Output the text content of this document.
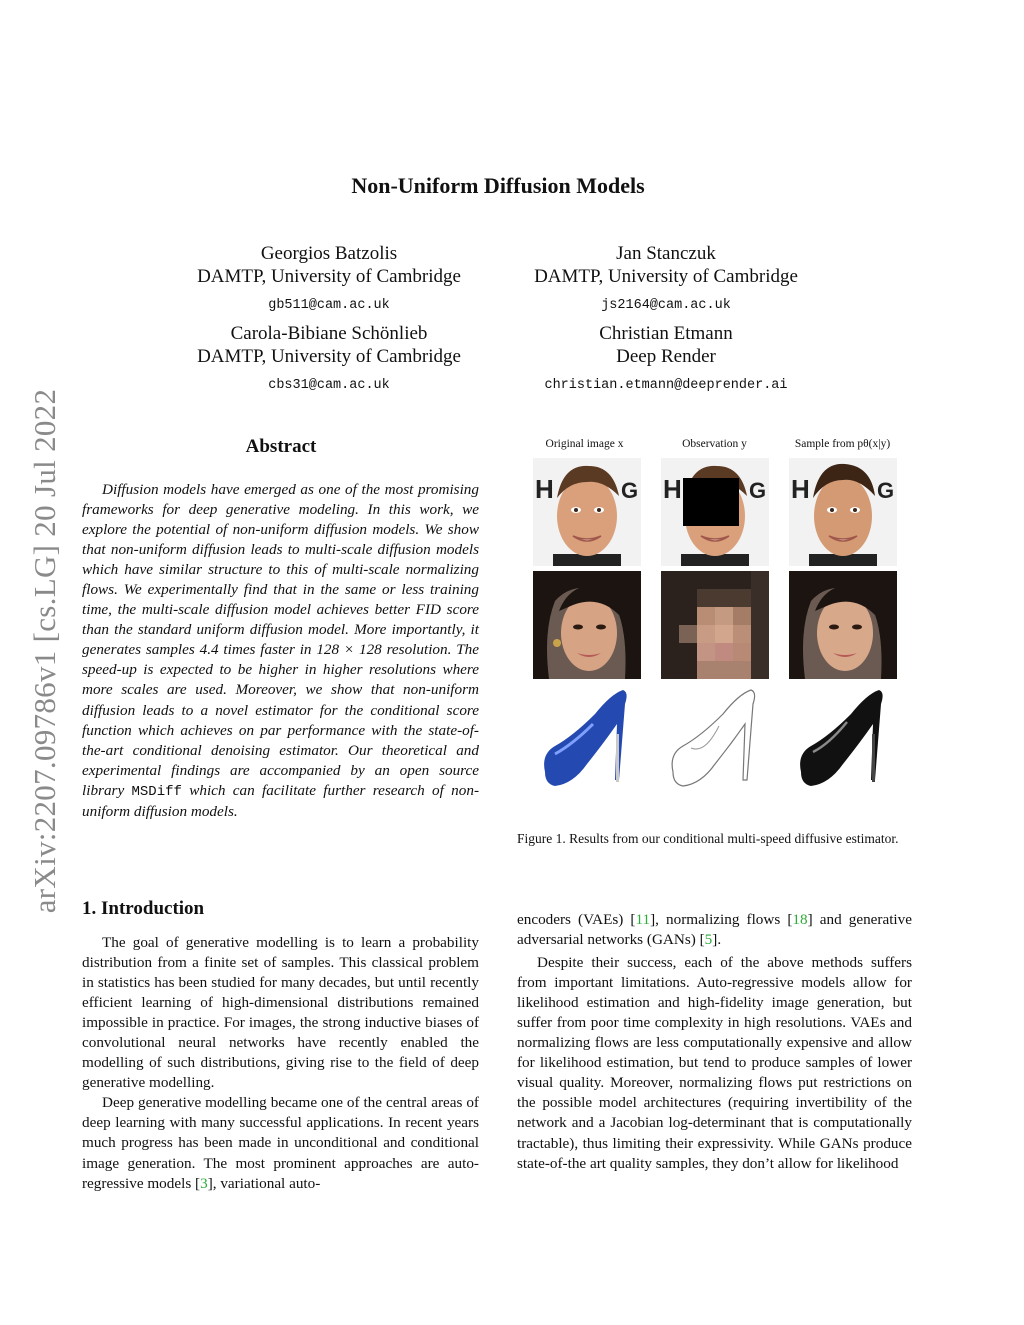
arXiv:2207.09786v1 [cs.LG] 20 Jul 2022
Non-Uniform Diffusion Models
Georgios Batzolis
DAMTP, University of Cambridge
gb511@cam.ac.uk
Jan Stanczuk
DAMTP, University of Cambridge
js2164@cam.ac.uk
Carola-Bibiane Schönlieb
DAMTP, University of Cambridge
cbs31@cam.ac.uk
Christian Etmann
Deep Render
christian.etmann@deeprender.ai
Abstract
Diffusion models have emerged as one of the most promising frameworks for deep generative modeling. In this work, we explore the potential of non-uniform diffusion models. We show that non-uniform diffusion leads to multi-scale diffusion models which have similar structure to this of multi-scale normalizing flows. We experimentally find that in the same or less training time, the multi-scale diffusion model achieves better FID score than the standard uniform diffusion model. More importantly, it generates samples 4.4 times faster in 128 × 128 resolution. The speed-up is expected to be higher in higher resolutions where more scales are used. Moreover, we show that non-uniform diffusion leads to a novel estimator for the conditional score function which achieves on par performance with the state-of-the-art conditional denoising estimator. Our theoretical and experimental findings are accompanied by an open source library MSDiff which can facilitate further research of non-uniform diffusion models.
Original image x	Observation y	Sample from pθ(x|y)
H	G H	G H	G
Figure 1. Results from our conditional multi-speed diffusive estimator.
1. Introduction

The goal of generative modelling is to learn a probability distribution from a finite set of samples. This classical problem in statistics has been studied for many decades, but until recently efficient learning of high-dimensional distributions remained impossible in practice. For images, the strong inductive biases of convolutional neural networks have recently enabled the modelling of such distributions, giving rise to the field of deep generative modelling.

Deep generative modelling became one of the central areas of deep learning with many successful applications. In recent years much progress has been made in unconditional and conditional image generation. The most prominent approaches are auto-regressive models [3], variational auto-

encoders (VAEs) [11], normalizing flows [18] and generative adversarial networks (GANs) [5].

Despite their success, each of the above methods suffers from important limitations. Auto-regressive models allow for likelihood estimation and high-fidelity image generation, but suffer from poor time complexity in high resolutions. VAEs and normalizing flows are less computationally expensive and allow for likelihood estimation, but tend to produce samples of lower visual quality. Moreover, normalizing flows put restrictions on the possible model architectures (requiring invertibility of the network and a Jacobian log-determinant that is computationally tractable), thus limiting their expressivity. While GANs produce state-of-the art quality samples, they don’t allow for likelihood
